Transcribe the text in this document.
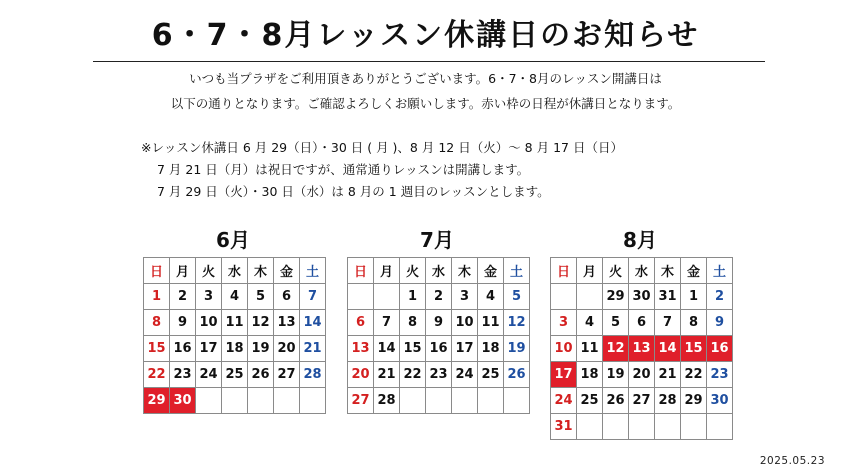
6・7・8月レッスン休講日のお知らせ
いつも当プラザをご利用頂きありがとうございます。6・7・8月のレッスン開講日は
以下の通りとなります。ご確認よろしくお願いします。赤い枠の日程が休講日となります。
※レッスン休講日 6 月 29（日）・30 日 ( 月 )、8 月 12 日（火）〜 8 月 17 日（日）
7 月 21 日（月）は祝日ですが、通常通りレッスンは開講します。
7 月 29 日（火）・30 日（水）は 8 月の 1 週目のレッスンとします。
6月	7月	8月
日	月	火	水	木	金	土
1	2	3	4	5	6	7
8	9	10	11	12	13	14
15	16	17	18	19	20	21
22	23	24	25	26	27	28
29	30					
日	月	火	水	木	金	土
		1	2	3	4	5
6	7	8	9	10	11	12
13	14	15	16	17	18	19
20	21	22	23	24	25	26
27	28					
日	月	火	水	木	金	土
		29	30	31	1	2
3	4	5	6	7	8	9
10	11	12	13	14	15	16
17	18	19	20	21	22	23
24	25	26	27	28	29	30
31						
2025.05.23
